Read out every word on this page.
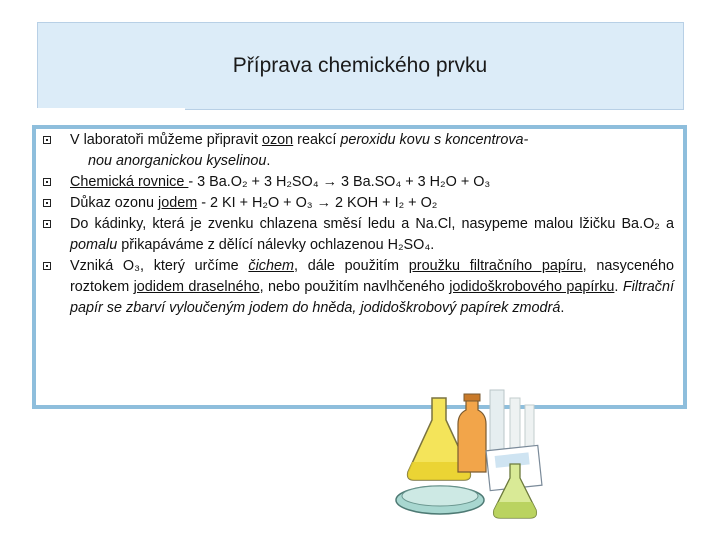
Příprava chemického prvku
V laboratoři můžeme připravit ozon reakcí peroxidu kovu s koncentrova-
nou anorganickou kyselinou.
Chemická rovnice - 3 Ba.O₂ + 3 H₂SO₄ → 3 Ba.SO₄ + 3 H₂O + O₃
Důkaz ozonu jodem - 2 KI + H₂O + O₃ → 2 KOH + I₂ + O₂
Do kádinky, která je zvenku chlazena směsí ledu a Na.Cl, nasypeme malou lžičku Ba.O₂ a pomalu přikapáváme z dělící nálevky ochlazenou H₂SO₄.
Vzniká O₃, který určíme čichem, dále použitím proužku filtračního papíru, nasyceného roztokem jodidem draselného, nebo použitím navlhčeného jodidoškrobového papírku. Filtrační papír se zbarví vyloučeným jodem do hněda, jodidoškrobový papírek zmodrá.
